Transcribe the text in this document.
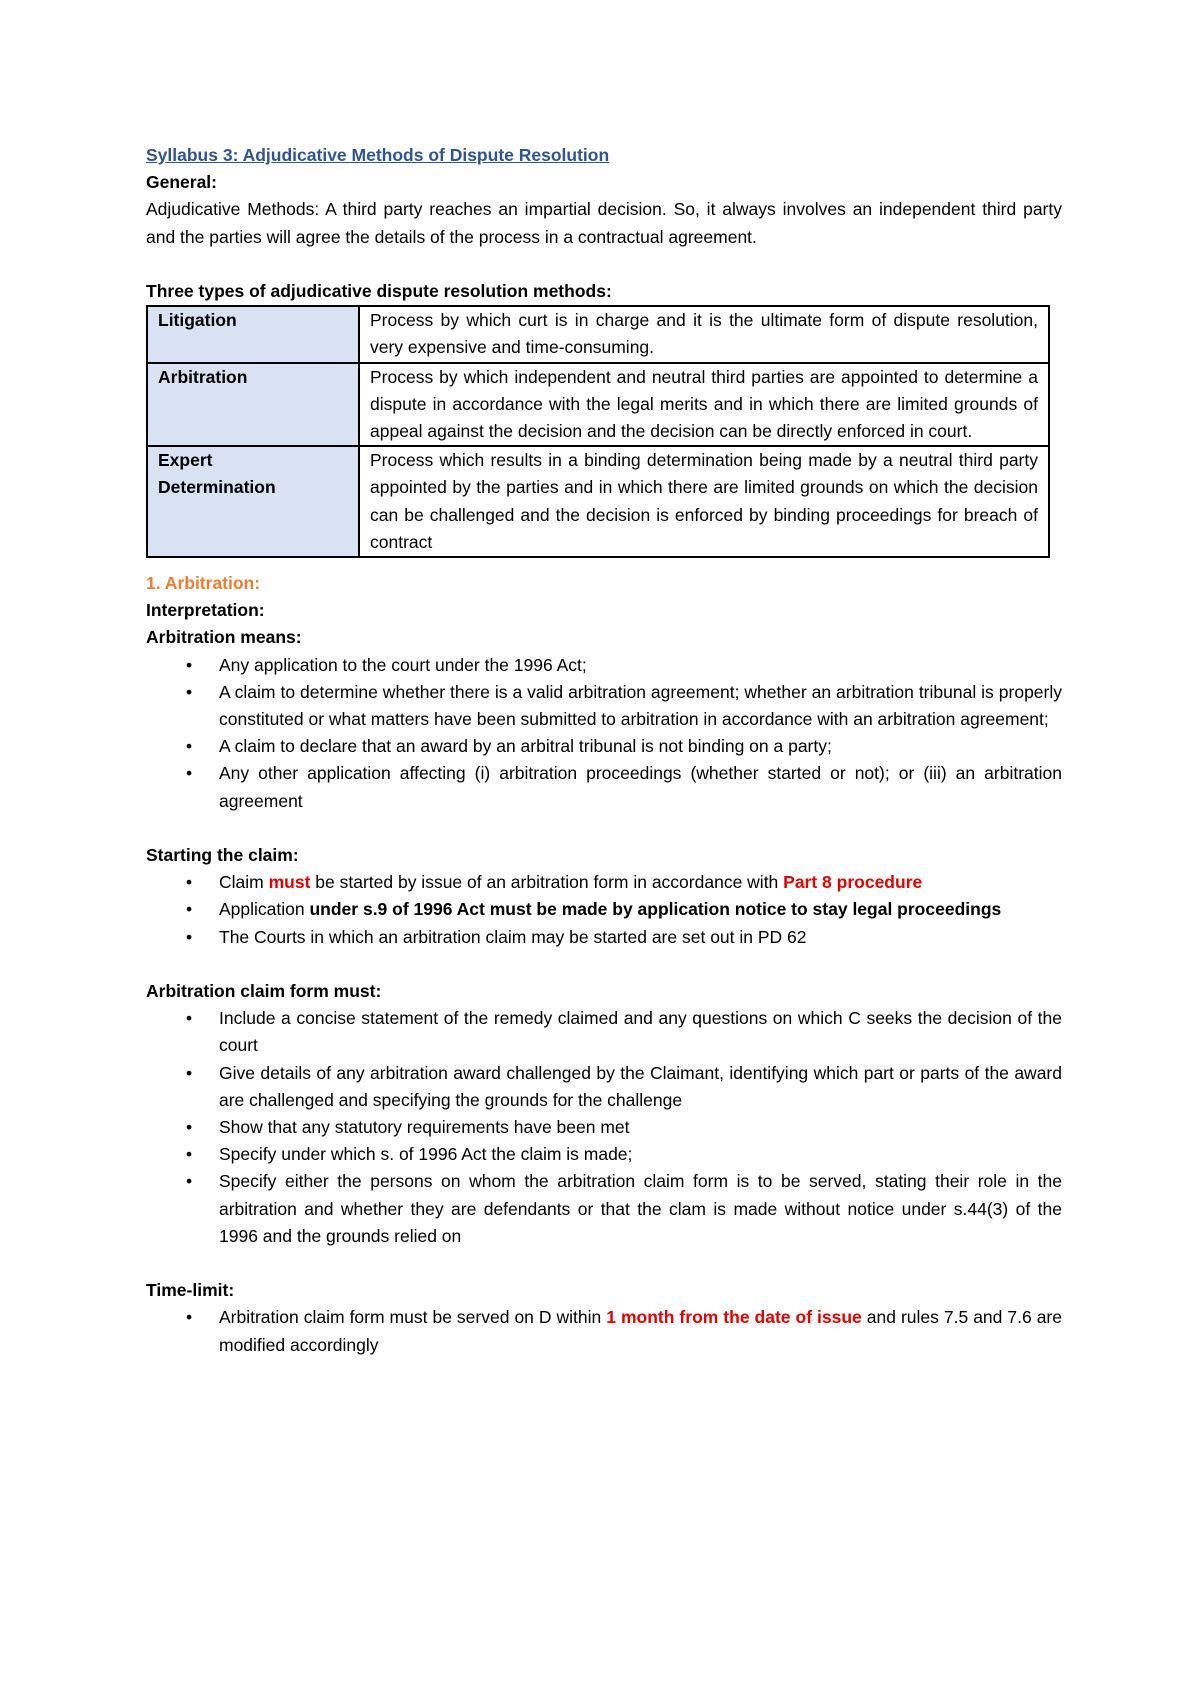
Syllabus 3: Adjudicative Methods of Dispute Resolution
General:
Adjudicative Methods: A third party reaches an impartial decision. So, it always involves an independent third party and the parties will agree the details of the process in a contractual agreement.
Three types of adjudicative dispute resolution methods:
Litigation	Process by which curt is in charge and it is the ultimate form of dispute resolution, very expensive and time-consuming.
Arbitration	Process by which independent and neutral third parties are appointed to determine a dispute in accordance with the legal merits and in which there are limited grounds of appeal against the decision and the decision can be directly enforced in court.
Expert Determination	Process which results in a binding determination being made by a neutral third party appointed by the parties and in which there are limited grounds on which the decision can be challenged and the decision is enforced by binding proceedings for breach of contract
1. Arbitration:
Interpretation:
Arbitration means:
• Any application to the court under the 1996 Act;
• A claim to determine whether there is a valid arbitration agreement; whether an arbitration tribunal is properly constituted or what matters have been submitted to arbitration in accordance with an arbitration agreement;
• A claim to declare that an award by an arbitral tribunal is not binding on a party;
• Any other application affecting (i) arbitration proceedings (whether started or not); or (iii) an arbitration agreement
Starting the claim:
• Claim must be started by issue of an arbitration form in accordance with Part 8 procedure
• Application under s.9 of 1996 Act must be made by application notice to stay legal proceedings
• The Courts in which an arbitration claim may be started are set out in PD 62
Arbitration claim form must:
• Include a concise statement of the remedy claimed and any questions on which C seeks the decision of the court
• Give details of any arbitration award challenged by the Claimant, identifying which part or parts of the award are challenged and specifying the grounds for the challenge
• Show that any statutory requirements have been met
• Specify under which s. of 1996 Act the claim is made;
• Specify either the persons on whom the arbitration claim form is to be served, stating their role in the arbitration and whether they are defendants or that the clam is made without notice under s.44(3) of the 1996 and the grounds relied on
Time-limit:
• Arbitration claim form must be served on D within 1 month from the date of issue and rules 7.5 and 7.6 are modified accordingly
